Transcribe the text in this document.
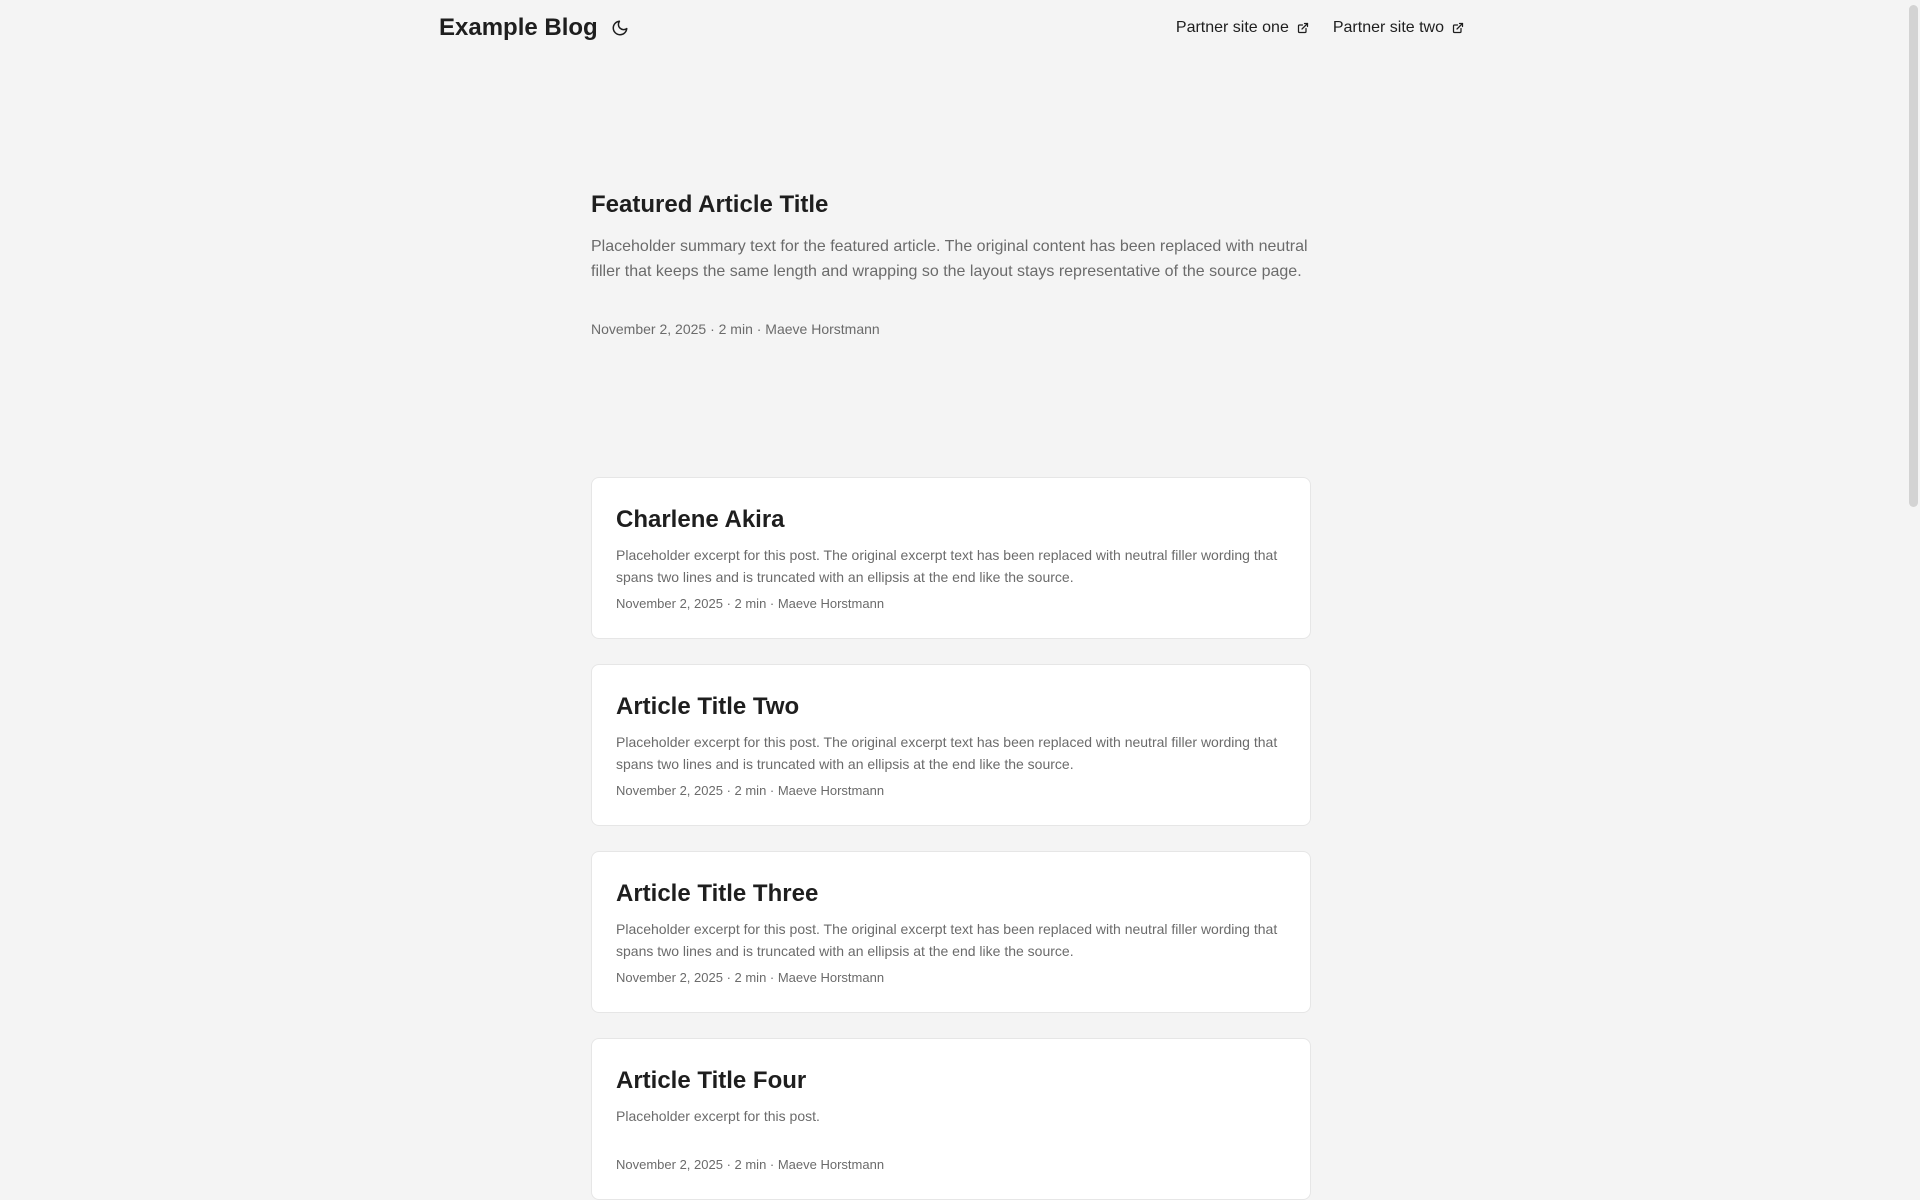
Example Blog	Partner site one	Partner site two
Featured Article Title

Placeholder summary text for the featured article. The original content has been replaced with neutral filler that keeps the same length and wrapping so the layout stays representative of the source page.

November 2, 2025 · 2 min · Maeve Horstmann
Charlene Akira

Placeholder excerpt for this post. The original excerpt text has been replaced with neutral filler wording that spans two lines and is truncated with an ellipsis at the end like the source.

November 2, 2025 · 2 min · Maeve Horstmann
Article Title Two

Placeholder excerpt for this post. The original excerpt text has been replaced with neutral filler wording that spans two lines and is truncated with an ellipsis at the end like the source.

November 2, 2025 · 2 min · Maeve Horstmann
Article Title Three

Placeholder excerpt for this post. The original excerpt text has been replaced with neutral filler wording that spans two lines and is truncated with an ellipsis at the end like the source.

November 2, 2025 · 2 min · Maeve Horstmann
Article Title Four

Placeholder excerpt for this post.

November 2, 2025 · 2 min · Maeve Horstmann
